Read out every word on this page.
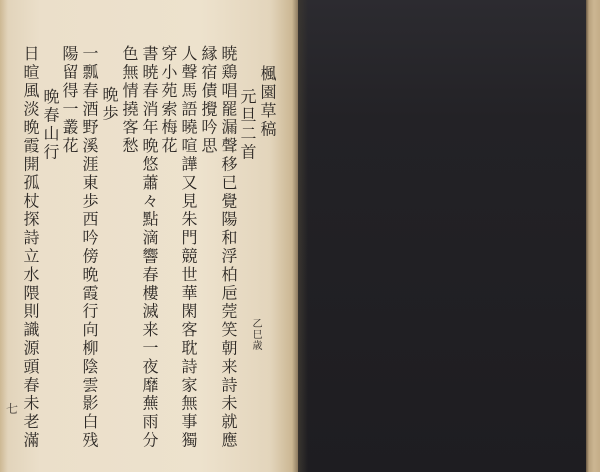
楓園草稿
元旦二首
乙巳歳
暁鶏唱罷漏聲移已覺陽和浮柏巵莞笑朝来詩未就應
縁宿債攪吟思
人聲馬語曉喧譁又見朱門競世華閑客耽詩家無事獨
穿小苑索梅花
書暁春消年晩悠蕭々點滴響春樓滅来一夜靡蕪雨分
色無情撓客愁
晩歩
一瓢春酒野溪涯東歩西吟傍晩霞行向柳陰雲影白残
陽留得一叢花
晩春山行
日暄風淡晩霞開孤杖探詩立水隈則識源頭春未老滿
七
